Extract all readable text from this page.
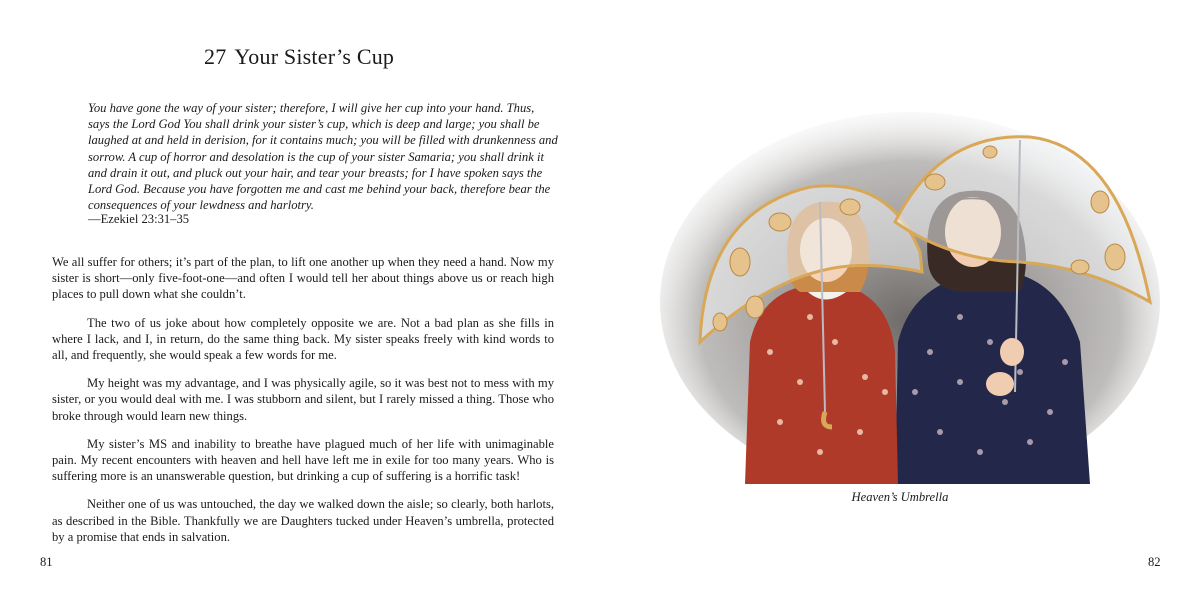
27 Your Sister’s Cup
You have gone the way of your sister; therefore, I will give her cup into your hand. Thus, says the Lord God You shall drink your sister’s cup, which is deep and large; you shall be laughed at and held in derision, for it contains much; you will be filled with drunkenness and sorrow. A cup of horror and desolation is the cup of your sister Samaria; you shall drink it and drain it out, and pluck out your hair, and tear your breasts; for I have spoken says the Lord God. Because you have forgotten me and cast me behind your back, therefore bear the consequences of your lewdness and harlotry.
—Ezekiel 23:31–35

We all suffer for others; it’s part of the plan, to lift one another up when they need a hand. Now my sister is short—only five-foot-one—and often I would tell her about things above us or reach high places to pull down what she couldn’t.

The two of us joke about how completely opposite we are. Not a bad plan as she fills in where I lack, and I, in return, do the same thing back. My sister speaks freely with kind words to all, and frequently, she would speak a few words for me.

My height was my advantage, and I was physically agile, so it was best not to mess with my sister, or you would deal with me. I was stubborn and silent, but I rarely missed a thing. Those who broke through would learn new things.

My sister’s MS and inability to breathe have plagued much of her life with unimaginable pain. My recent encounters with heaven and hell have left me in exile for too many years. Who is suffering more is an unanswerable question, but drinking a cup of suffering is a horrific task!

Neither one of us was untouched, the day we walked down the aisle; so clearly, both harlots, as described in the Bible. Thankfully we are Daughters tucked under Heaven’s umbrella, protected by a promise that ends in salvation.

81
Heaven’s Umbrella
82
